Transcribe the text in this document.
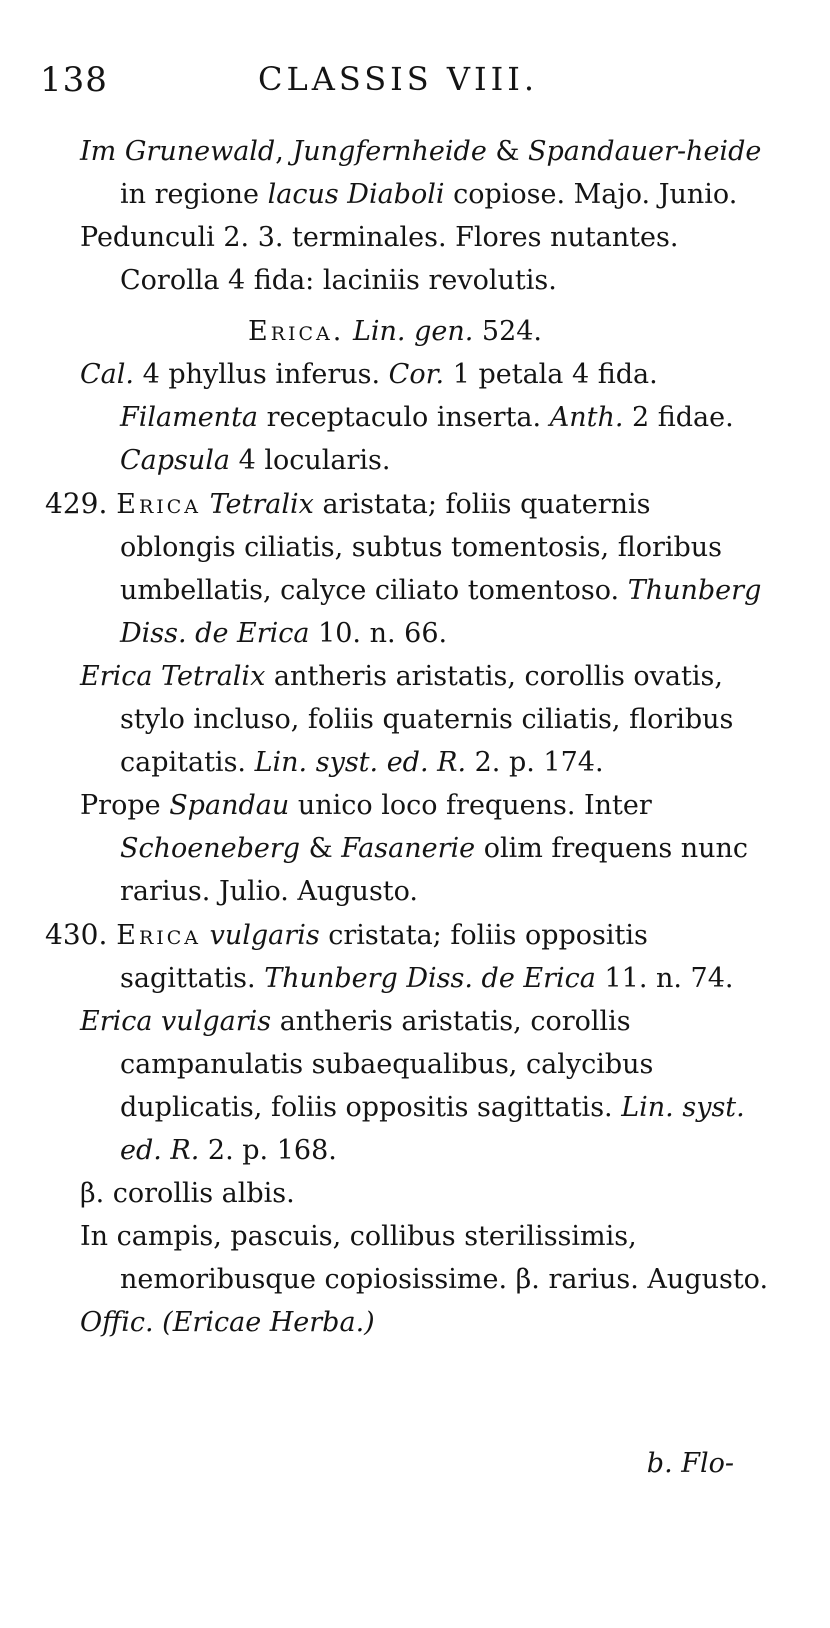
138	CLASSIS VIII.
Im Grunewald, Jungfernheide & Spandauer-heide in regione lacus Diaboli copiose. Majo. Junio.
Pedunculi 2. 3. terminales. Flores nutantes. Corolla 4 fida: laciniis revolutis.
Erica. Lin. gen. 524.
Cal. 4 phyllus inferus. Cor. 1 petala 4 fida. Filamenta receptaculo inserta. Anth. 2 fidae. Capsula 4 locularis.
429. Erica Tetralix aristata; foliis quaternis oblongis ciliatis, subtus tomentosis, floribus umbellatis, calyce ciliato tomentoso. Thunberg Diss. de Erica 10. n. 66.
Erica Tetralix antheris aristatis, corollis ovatis, stylo incluso, foliis quaternis ciliatis, floribus capitatis. Lin. syst. ed. R. 2. p. 174.
Prope Spandau unico loco frequens. Inter Schoeneberg & Fasanerie olim frequens nunc rarius. Julio. Augusto.
430. Erica vulgaris cristata; foliis oppositis sagittatis. Thunberg Diss. de Erica 11. n. 74.
Erica vulgaris antheris aristatis, corollis campanulatis subaequalibus, calycibus duplicatis, foliis oppositis sagittatis. Lin. syst. ed. R. 2. p. 168.
β. corollis albis.
In campis, pascuis, collibus sterilissimis, nemoribusque copiosissime. β. rarius. Augusto.
Offic. (Ericae Herba.)
b. Flo-
